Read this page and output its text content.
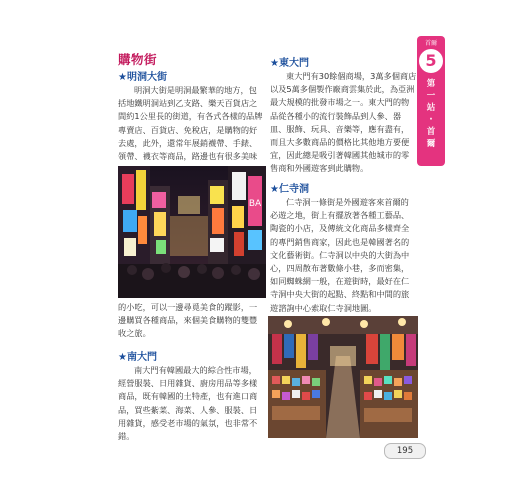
購物街
★明洞大街
明洞大街是明洞最繁華的地方，包
括地鐵明洞站到乙支路、樂天百貨店之
間約1公里長的街道，有各式各樣的品牌
專賣店、百貨店、免稅店，是購物的好
去處，此外，還常年展銷襪帶、手錶、
領帶、襪衣等商品，路邊也有很多美味
BA
的小吃，可以一邊尋覓美食的蹤影，一
邊購買各種商品，來個美食購物的雙豐
收之旅。
★南大門
南大門有韓國最大的綜合性市場，
經營服裝、日用雜貨、廚房用品等多樣
商品，既有韓國的土特產，也有進口商
品，買些紫菜、海菜、人參、服裝、日
用雜貨，感受老市場的氣氛，也非常不
錯。
★東大門
東大門有30餘個商場，3萬多個商店
以及5萬多個製作廠商雲集於此，為亞洲
最大規模的批發市場之一。東大門的物
品從各種小的流行裝飾品到人參、器
皿、服飾、玩具、音樂等，應有盡有，
而且大多數商品的價格比其他地方要便
宜，因此總是吸引著韓國其他城市的零
售商和外國遊客到此購物。
★仁寺洞
仁寺洞一條街是外國遊客來首爾的
必遊之地，街上有擺放著各種工藝品、
陶瓷的小店，及傳統文化商品多樣齊全
的專門銷售商家，因此也是韓國著名的
文化藝術街。仁寺洞以中央的大街為中
心，四周散布著數條小巷，多而密集，
如同蜘蛛網一般，在遊街時，最好在仁
寺洞中央大街的起點、終點和中間的旅
遊諮詢中心索取仁寺洞地圖。
首爾
5
第
一
站
·
首
爾
195
